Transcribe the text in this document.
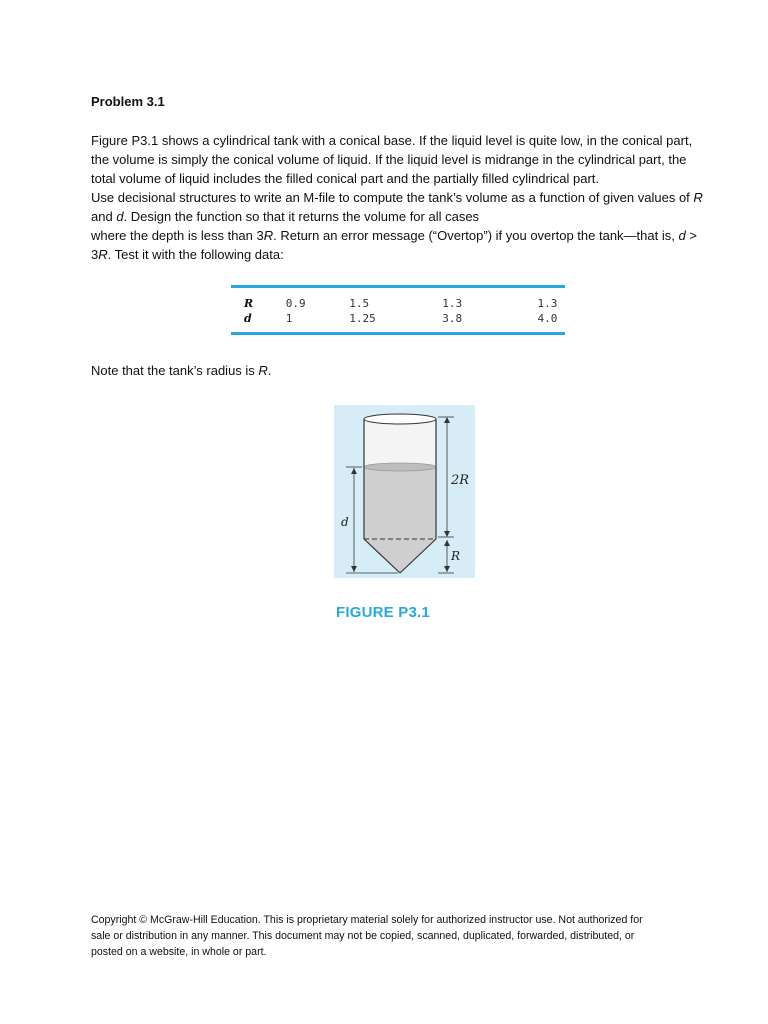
Problem 3.1

Figure P3.1 shows a cylindrical tank with a conical base. If the liquid level is quite low, in the conical part, the volume is simply the conical volume of liquid. If the liquid level is midrange in the cylindrical part, the total volume of liquid includes the filled conical part and the partially filled cylindrical part.

Use decisional structures to write an M-file to compute the tank’s volume as a function of given values of R and d. Design the function so that it returns the volume for all cases

where the depth is less than 3R. Return an error message (“Overtop”) if you overtop the tank—that is, d > 3R. Test it with the following data:

R	0.9	1.5	1.3	1.3
d	1	1.25	3.8	4.0
Note that the tank’s radius is R.
2R
R
d
FIGURE P3.1

Copyright © McGraw-Hill Education. This is proprietary material solely for authorized instructor use. Not authorized for

sale or distribution in any manner. This document may not be copied, scanned, duplicated, forwarded, distributed, or

posted on a website, in whole or part.
